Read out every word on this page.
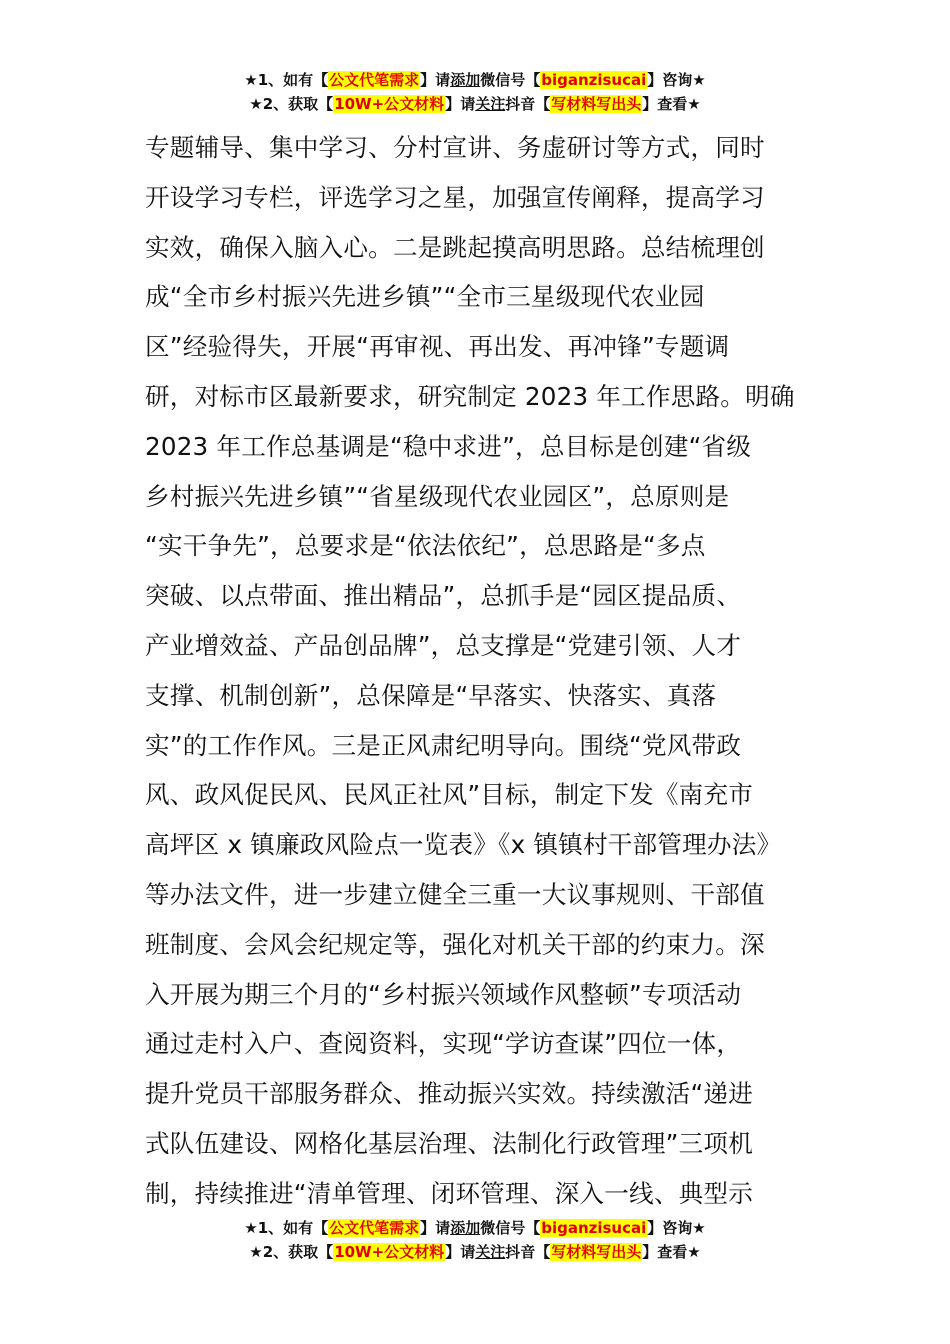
★1、如有【公文代笔需求】请添加微信号【biganzisucai】咨询★
★2、获取【10W+公文材料】请关注抖音【写材料写出头】查看★
专题辅导、集中学习、分村宣讲、务虚研讨等方式，同时
开设学习专栏，评选学习之星，加强宣传阐释，提高学习
实效，确保入脑入心。二是跳起摸高明思路。总结梳理创
成“全市乡村振兴先进乡镇”“全市三星级现代农业园
区”经验得失，开展“再审视、再出发、再冲锋”专题调
研，对标市区最新要求，研究制定 2023 年工作思路。明确
2023 年工作总基调是“稳中求进”，总目标是创建“省级
乡村振兴先进乡镇”“省星级现代农业园区”，总原则是
“实干争先”，总要求是“依法依纪”，总思路是“多点
突破、以点带面、推出精品”，总抓手是“园区提品质、
产业增效益、产品创品牌”，总支撑是“党建引领、人才
支撑、机制创新”，总保障是“早落实、快落实、真落
实”的工作作风。三是正风肃纪明导向。围绕“党风带政
风、政风促民风、民风正社风”目标，制定下发《南充市
高坪区 x 镇廉政风险点一览表》《x 镇镇村干部管理办法》
等办法文件，进一步建立健全三重一大议事规则、干部值
班制度、会风会纪规定等，强化对机关干部的约束力。深
入开展为期三个月的“乡村振兴领域作风整顿”专项活动
通过走村入户、查阅资料，实现“学访查谋”四位一体，
提升党员干部服务群众、推动振兴实效。持续激活“递进
式队伍建设、网格化基层治理、法制化行政管理”三项机
制，持续推进“清单管理、闭环管理、深入一线、典型示
★1、如有【公文代笔需求】请添加微信号【biganzisucai】咨询★
★2、获取【10W+公文材料】请关注抖音【写材料写出头】查看★
